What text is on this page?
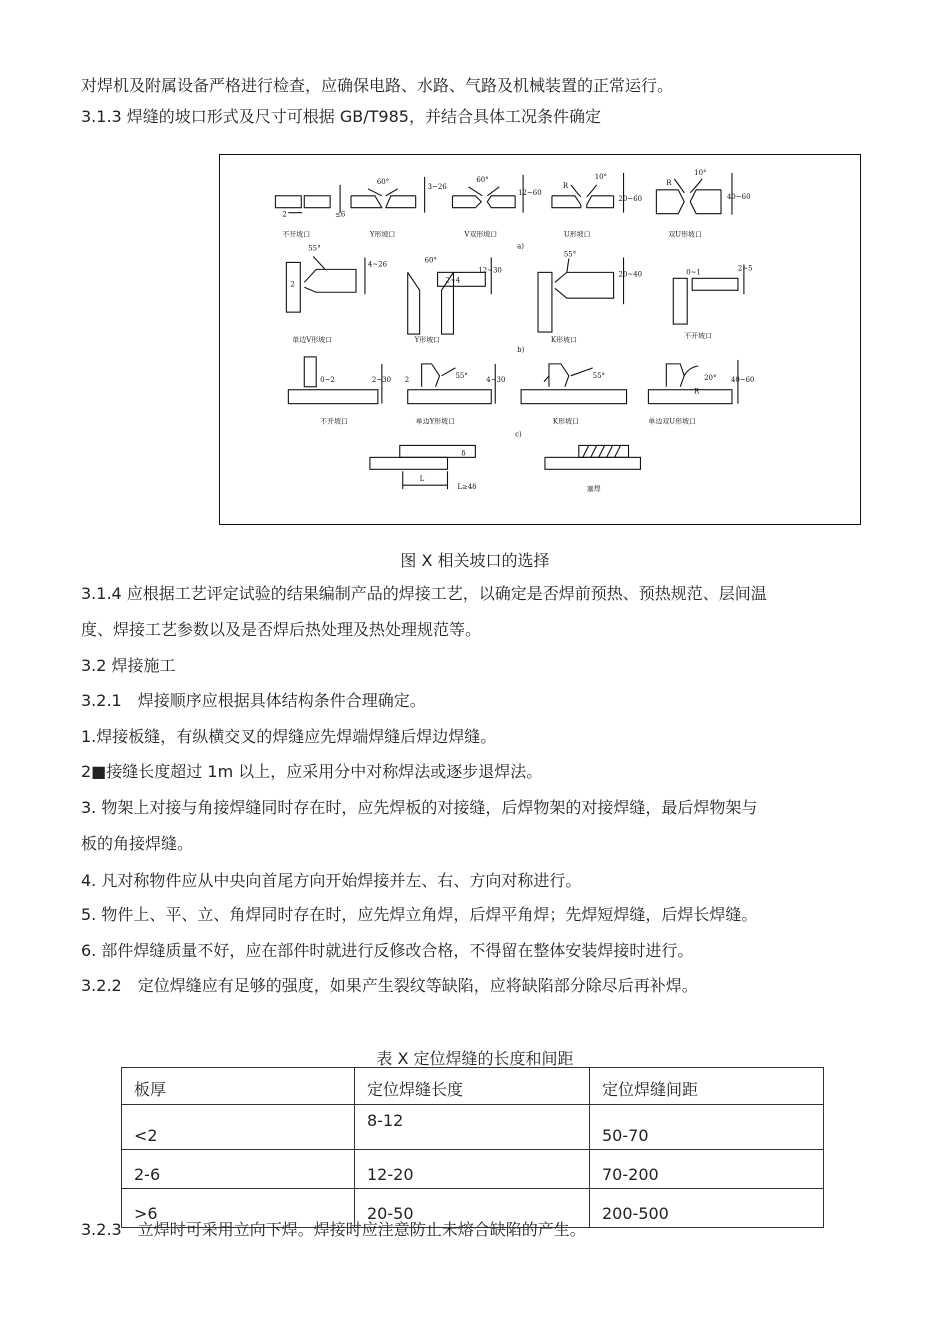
对焊机及附属设备严格进行检查，应确保电路、水路、气路及机械装置的正常运行。
3.1.3 焊缝的坡口形式及尺寸可根据 GB/T985，并结合具体工况条件确定
2	≤6
60°
3~26
60°
12~60
10°
R
20~60
10°
R
40~60
不开坡口	Y形坡口	V双形坡口	U形坡口	双U形坡口
a)
55°
2
4~26	60°
12~30
2~4
55°
20~40	0~1	2~5
单边V形坡口	Y形坡口	K形坡口	不开坡口
b)
0~2	2~30	55°
2	4~30	55°	20°
R
40~60
不开坡口	单边Y形坡口	K形坡口	单边双U形坡口
c)
L
L≥4δ
δ
塞焊
图 X 相关坡口的选择
3.1.4 应根据工艺评定试验的结果编制产品的焊接工艺，以确定是否焊前预热、预热规范、层间温
度、焊接工艺参数以及是否焊后热处理及热处理规范等。
3.2 焊接施工
3.2.1　焊接顺序应根据具体结构条件合理确定。
1.焊接板缝，有纵横交叉的焊缝应先焊端焊缝后焊边焊缝。
2■接缝长度超过 1m 以上，应采用分中对称焊法或逐步退焊法。
3. 物架上对接与角接焊缝同时存在时，应先焊板的对接缝，后焊物架的对接焊缝，最后焊物架与
板的角接焊缝。
4. 凡对称物件应从中央向首尾方向开始焊接并左、右、方向对称进行。
5. 物件上、平、立、角焊同时存在时，应先焊立角焊，后焊平角焊；先焊短焊缝，后焊长焊缝。
6. 部件焊缝质量不好，应在部件时就进行反修改合格，不得留在整体安装焊接时进行。
3.2.2　定位焊缝应有足够的强度，如果产生裂纹等缺陷，应将缺陷部分除尽后再补焊。
表 X 定位焊缝的长度和间距
板厚	定位焊缝长度	定位焊缝间距
<2	8-12	50-70
2-6	12-20	70-200
>6	20-50	200-500
3.2.3　立焊时可采用立向下焊。焊接时应注意防止未熔合缺陷的产生。
